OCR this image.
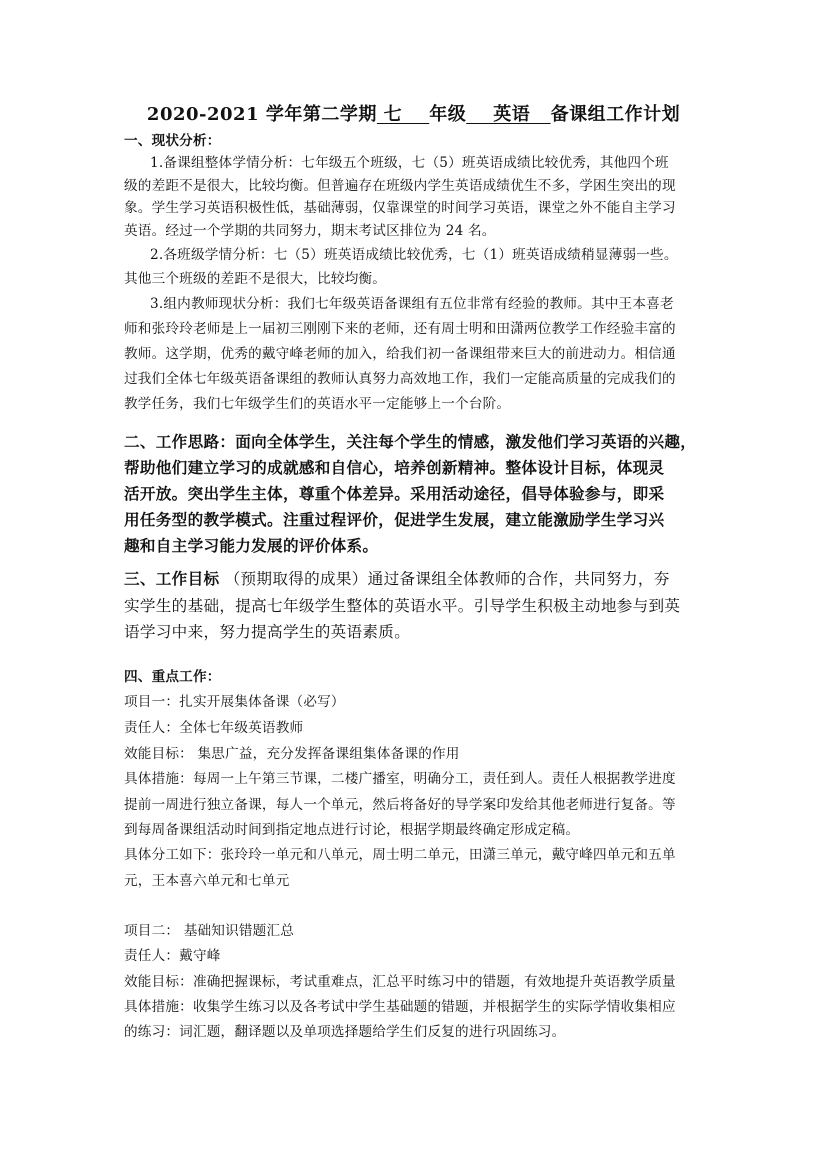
2020-2021 学年第二学期 七    年级    英语   备课组工作计划
一、现状分析：
1.备课组整体学情分析：七年级五个班级，七（5）班英语成绩比较优秀，其他四个班
级的差距不是很大，比较均衡。但普遍存在班级内学生英语成绩优生不多，学困生突出的现
象。学生学习英语积极性低，基础薄弱，仅靠课堂的时间学习英语，课堂之外不能自主学习
英语。经过一个学期的共同努力，期末考试区排位为 24 名。
2.各班级学情分析：七（5）班英语成绩比较优秀，七（1）班英语成绩稍显薄弱一些。
其他三个班级的差距不是很大，比较均衡。
3.组内教师现状分析：我们七年级英语备课组有五位非常有经验的教师。其中王本喜老
师和张玲玲老师是上一届初三刚刚下来的老师，还有周士明和田潇两位教学工作经验丰富的
教师。这学期，优秀的戴守峰老师的加入，给我们初一备课组带来巨大的前进动力。相信通
过我们全体七年级英语备课组的教师认真努力高效地工作，我们一定能高质量的完成我们的
教学任务，我们七年级学生们的英语水平一定能够上一个台阶。
二、工作思路：面向全体学生，关注每个学生的情感，激发他们学习英语的兴趣，
帮助他们建立学习的成就感和自信心，培养创新精神。整体设计目标，体现灵
活开放。突出学生主体，尊重个体差异。采用活动途径，倡导体验参与，即采
用任务型的教学模式。注重过程评价，促进学生发展，建立能激励学生学习兴
趣和自主学习能力发展的评价体系。
三、工作目标 （预期取得的成果）通过备课组全体教师的合作，共同努力，夯
实学生的基础，提高七年级学生整体的英语水平。引导学生积极主动地参与到英
语学习中来，努力提高学生的英语素质。
四、重点工作：
项目一：扎实开展集体备课（必写）
责任人：全体七年级英语教师
效能目标： 集思广益，充分发挥备课组集体备课的作用
具体措施：每周一上午第三节课，二楼广播室，明确分工，责任到人。责任人根据教学进度
提前一周进行独立备课，每人一个单元，然后将备好的导学案印发给其他老师进行复备。等
到每周备课组活动时间到指定地点进行讨论，根据学期最终确定形成定稿。
具体分工如下：张玲玲一单元和八单元，周士明二单元，田潇三单元，戴守峰四单元和五单
元，王本喜六单元和七单元
项目二： 基础知识错题汇总
责任人：戴守峰
效能目标：准确把握课标，考试重难点，汇总平时练习中的错题，有效地提升英语教学质量
具体措施：收集学生练习以及各考试中学生基础题的错题，并根据学生的实际学情收集相应
的练习：词汇题，翻译题以及单项选择题给学生们反复的进行巩固练习。
